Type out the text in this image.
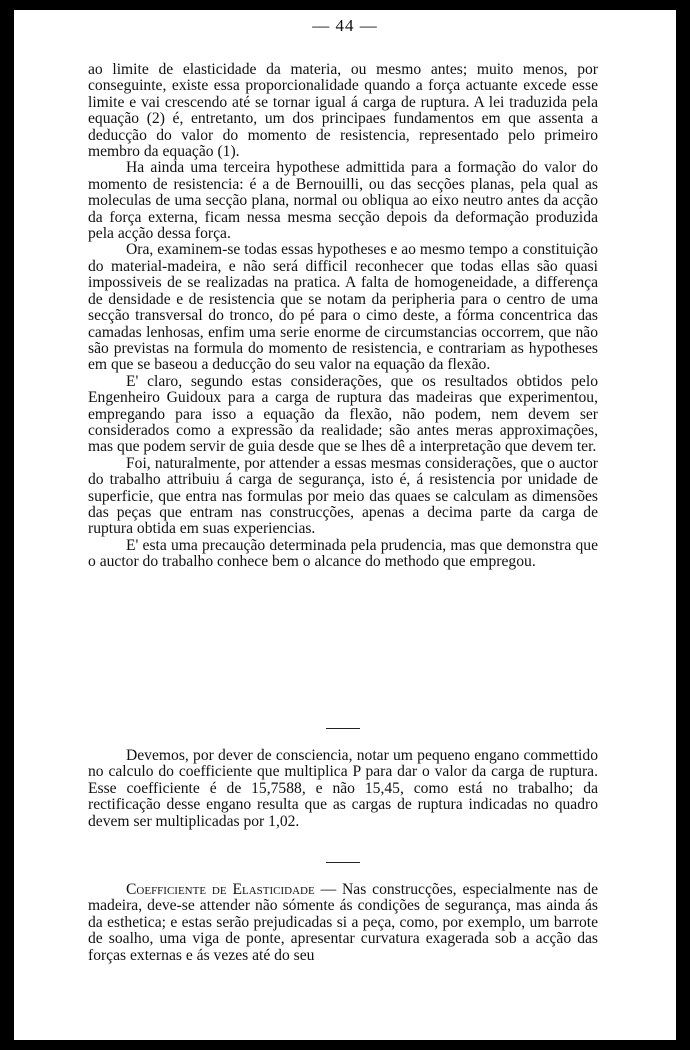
— 44 —

ao limite de elasticidade da materia, ou mesmo antes; muito menos, por conseguinte, existe essa proporcionalidade quando a força actuante excede esse limite e vai crescendo até se tornar igual á carga de ruptura. A lei traduzida pela equação (2) é, entretanto, um dos principaes fundamentos em que assenta a deducção do valor do momento de resistencia, representado pelo primeiro membro da equação (1).

Ha ainda uma terceira hypothese admittida para a formação do valor do momento de resistencia: é a de Bernouilli, ou das secções planas, pela qual as moleculas de uma secção plana, normal ou obliqua ao eixo neutro antes da acção da força externa, ficam nessa mesma secção depois da deformação produzida pela acção dessa força.

Ora, examinem-se todas essas hypotheses e ao mesmo tempo a constituição do material-madeira, e não será difficil reconhecer que todas ellas são quasi impossiveis de se realizadas na pratica. A falta de homogeneidade, a differença de densidade e de resistencia que se notam da peripheria para o centro de uma secção transversal do tronco, do pé para o cimo deste, a fórma concentrica das camadas lenhosas, enfim uma serie enorme de circumstancias occorrem, que não são previstas na formula do momento de resistencia, e contrariam as hypotheses em que se baseou a deducção do seu valor na equação da flexão.

E' claro, segundo estas considerações, que os resultados obtidos pelo Engenheiro Guidoux para a carga de ruptura das madeiras que experimentou, empregando para isso a equação da flexão, não podem, nem devem ser considerados como a expressão da realidade; são antes meras approximações, mas que podem servir de guia desde que se lhes dê a interpretação que devem ter.

Foi, naturalmente, por attender a essas mesmas considerações, que o auctor do trabalho attribuiu á carga de segurança, isto é, á resistencia por unidade de superficie, que entra nas formulas por meio das quaes se calculam as dimensões das peças que entram nas construcções, apenas a decima parte da carga de ruptura obtida em suas experiencias.

E' esta uma precaução determinada pela prudencia, mas que demonstra que o auctor do trabalho conhece bem o alcance do methodo que empregou.

Devemos, por dever de consciencia, notar um pequeno engano commettido no calculo do coefficiente que multiplica P para dar o valor da carga de ruptura. Esse coefficiente é de 15,7588, e não 15,45, como está no trabalho; da rectificação desse engano resulta que as cargas de ruptura indicadas no quadro devem ser multiplicadas por 1,02.

Coefficiente de Elasticidade — Nas construcções, especialmente nas de madeira, deve-se attender não sómente ás condições de segurança, mas ainda ás da esthetica; e estas serão prejudicadas si a peça, como, por exemplo, um barrote de soalho, uma viga de ponte, apresentar curvatura exagerada sob a acção das forças externas e ás vezes até do seu
